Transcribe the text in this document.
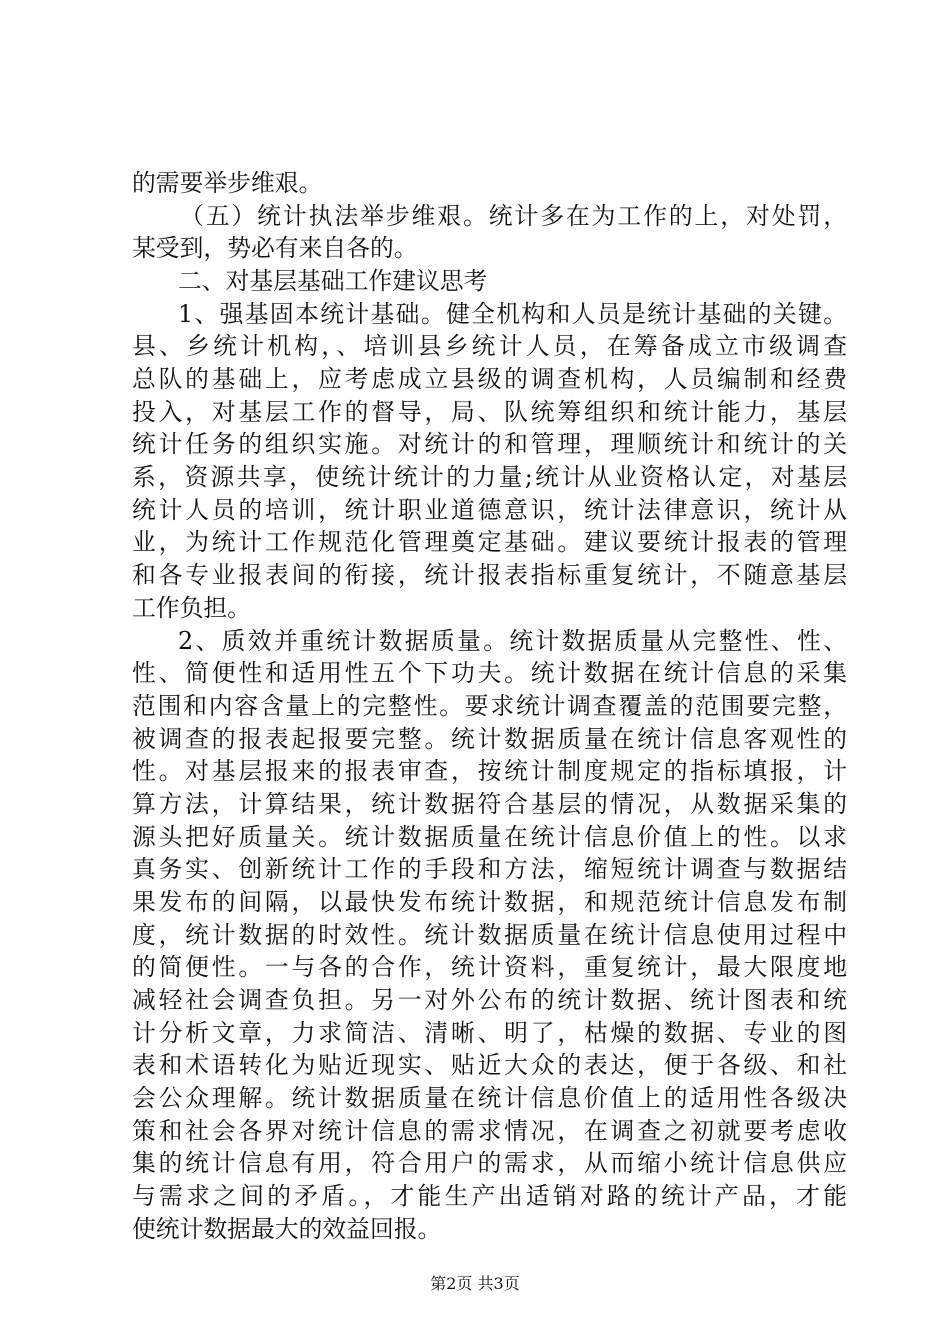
的需要举步维艰。
（五）统计执法举步维艰。统计多在为工作的上，对处罚，
某受到，势必有来自各的。
二、对基层基础工作建议思考
1、强基固本统计基础。健全机构和人员是统计基础的关键。
县、乡统计机构，、培训县乡统计人员，在筹备成立市级调查
总队的基础上，应考虑成立县级的调查机构，人员编制和经费
投入，对基层工作的督导，局、队统筹组织和统计能力，基层
统计任务的组织实施。对统计的和管理，理顺统计和统计的关
系，资源共享，使统计统计的力量;统计从业资格认定，对基层
统计人员的培训，统计职业道德意识，统计法律意识，统计从
业，为统计工作规范化管理奠定基础。建议要统计报表的管理
和各专业报表间的衔接，统计报表指标重复统计，不随意基层
工作负担。
2、质效并重统计数据质量。统计数据质量从完整性、性、
性、简便性和适用性五个下功夫。统计数据在统计信息的采集
范围和内容含量上的完整性。要求统计调查覆盖的范围要完整，
被调查的报表起报要完整。统计数据质量在统计信息客观性的
性。对基层报来的报表审查，按统计制度规定的指标填报，计
算方法，计算结果，统计数据符合基层的情况，从数据采集的
源头把好质量关。统计数据质量在统计信息价值上的性。以求
真务实、创新统计工作的手段和方法，缩短统计调查与数据结
果发布的间隔，以最快发布统计数据，和规范统计信息发布制
度，统计数据的时效性。统计数据质量在统计信息使用过程中
的简便性。一与各的合作，统计资料，重复统计，最大限度地
减轻社会调查负担。另一对外公布的统计数据、统计图表和统
计分析文章，力求简洁、清晰、明了，枯燥的数据、专业的图
表和术语转化为贴近现实、贴近大众的表达，便于各级、和社
会公众理解。统计数据质量在统计信息价值上的适用性各级决
策和社会各界对统计信息的需求情况，在调查之初就要考虑收
集的统计信息有用，符合用户的需求，从而缩小统计信息供应
与需求之间的矛盾。，才能生产出适销对路的统计产品，才能
使统计数据最大的效益回报。
第2页 共3页
